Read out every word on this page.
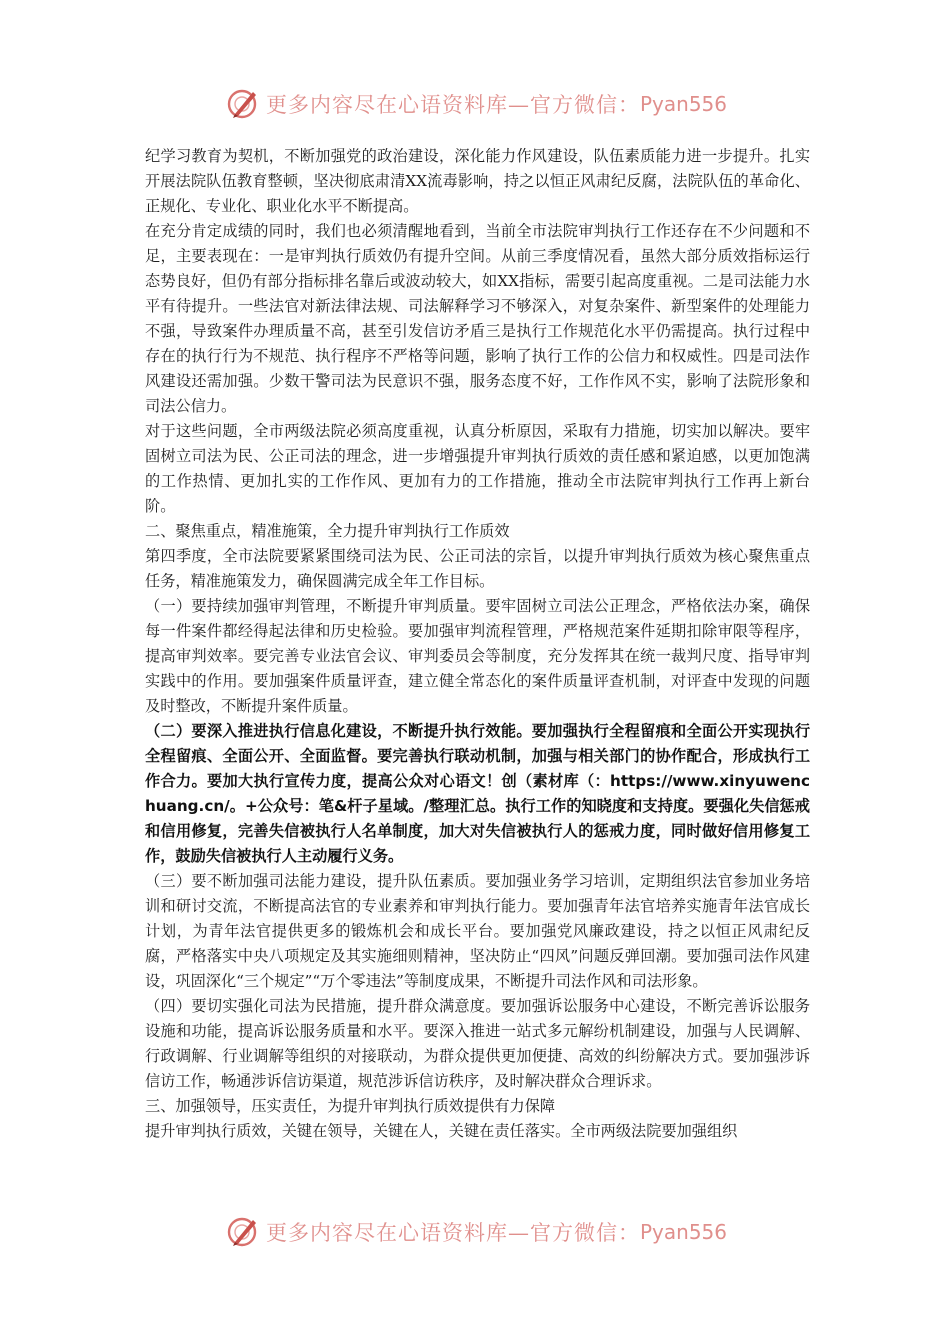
更多内容尽在心语资料库—官方微信： Pyan556

纪学习教育为契机，不断加强党的政治建设，深化能力作风建设，队伍素质能力进一步提升。扎实开展法院队伍教育整顿，坚决彻底肃清XX流毒影响，持之以恒正风肃纪反腐，法院队伍的革命化、正规化、专业化、职业化水平不断提高。

在充分肯定成绩的同时，我们也必须清醒地看到，当前全市法院审判执行工作还存在不少问题和不足，主要表现在：一是审判执行质效仍有提升空间。从前三季度情况看，虽然大部分质效指标运行态势良好，但仍有部分指标排名靠后或波动较大，如XX指标，需要引起高度重视。二是司法能力水平有待提升。一些法官对新法律法规、司法解释学习不够深入，对复杂案件、新型案件的处理能力不强，导致案件办理质量不高，甚至引发信访矛盾三是执行工作规范化水平仍需提高。执行过程中存在的执行行为不规范、执行程序不严格等问题，影响了执行工作的公信力和权威性。四是司法作风建设还需加强。少数干警司法为民意识不强，服务态度不好，工作作风不实，影响了法院形象和司法公信力。

对于这些问题，全市两级法院必须高度重视，认真分析原因，采取有力措施，切实加以解决。要牢固树立司法为民、公正司法的理念，进一步增强提升审判执行质效的责任感和紧迫感，以更加饱满的工作热情、更加扎实的工作作风、更加有力的工作措施，推动全市法院审判执行工作再上新台阶。

二、聚焦重点，精准施策，全力提升审判执行工作质效

第四季度，全市法院要紧紧围绕司法为民、公正司法的宗旨，以提升审判执行质效为核心聚焦重点任务，精准施策发力，确保圆满完成全年工作目标。

（一）要持续加强审判管理，不断提升审判质量。要牢固树立司法公正理念，严格依法办案，确保每一件案件都经得起法律和历史检验。要加强审判流程管理，严格规范案件延期扣除审限等程序，提高审判效率。要完善专业法官会议、审判委员会等制度，充分发挥其在统一裁判尺度、指导审判实践中的作用。要加强案件质量评查，建立健全常态化的案件质量评查机制，对评查中发现的问题及时整改，不断提升案件质量。

（二）要深入推进执行信息化建设，不断提升执行效能。要加强执行全程留痕和全面公开实现执行全程留痕、全面公开、全面监督。要完善执行联动机制，加强与相关部门的协作配合，形成执行工作合力。要加大执行宣传力度，提高公众对心语文！创（素材库（：https://www.xinyuwenchuang.cn/。+公众号：笔&杆子星域。/整理汇总。执行工作的知晓度和支持度。要强化失信惩戒和信用修复，完善失信被执行人名单制度，加大对失信被执行人的惩戒力度，同时做好信用修复工作，鼓励失信被执行人主动履行义务。

（三）要不断加强司法能力建设，提升队伍素质。要加强业务学习培训，定期组织法官参加业务培训和研讨交流，不断提高法官的专业素养和审判执行能力。要加强青年法官培养实施青年法官成长计划，为青年法官提供更多的锻炼机会和成长平台。要加强党风廉政建设，持之以恒正风肃纪反腐，严格落实中央八项规定及其实施细则精神，坚决防止“四风”问题反弹回潮。要加强司法作风建设，巩固深化“三个规定”“万个零违法”等制度成果，不断提升司法作风和司法形象。

（四）要切实强化司法为民措施，提升群众满意度。要加强诉讼服务中心建设，不断完善诉讼服务设施和功能，提高诉讼服务质量和水平。要深入推进一站式多元解纷机制建设，加强与人民调解、行政调解、行业调解等组织的对接联动，为群众提供更加便捷、高效的纠纷解决方式。要加强涉诉信访工作，畅通涉诉信访渠道，规范涉诉信访秩序，及时解决群众合理诉求。

三、加强领导，压实责任，为提升审判执行质效提供有力保障

提升审判执行质效，关键在领导，关键在人，关键在责任落实。全市两级法院要加强组织

更多内容尽在心语资料库—官方微信： Pyan556
